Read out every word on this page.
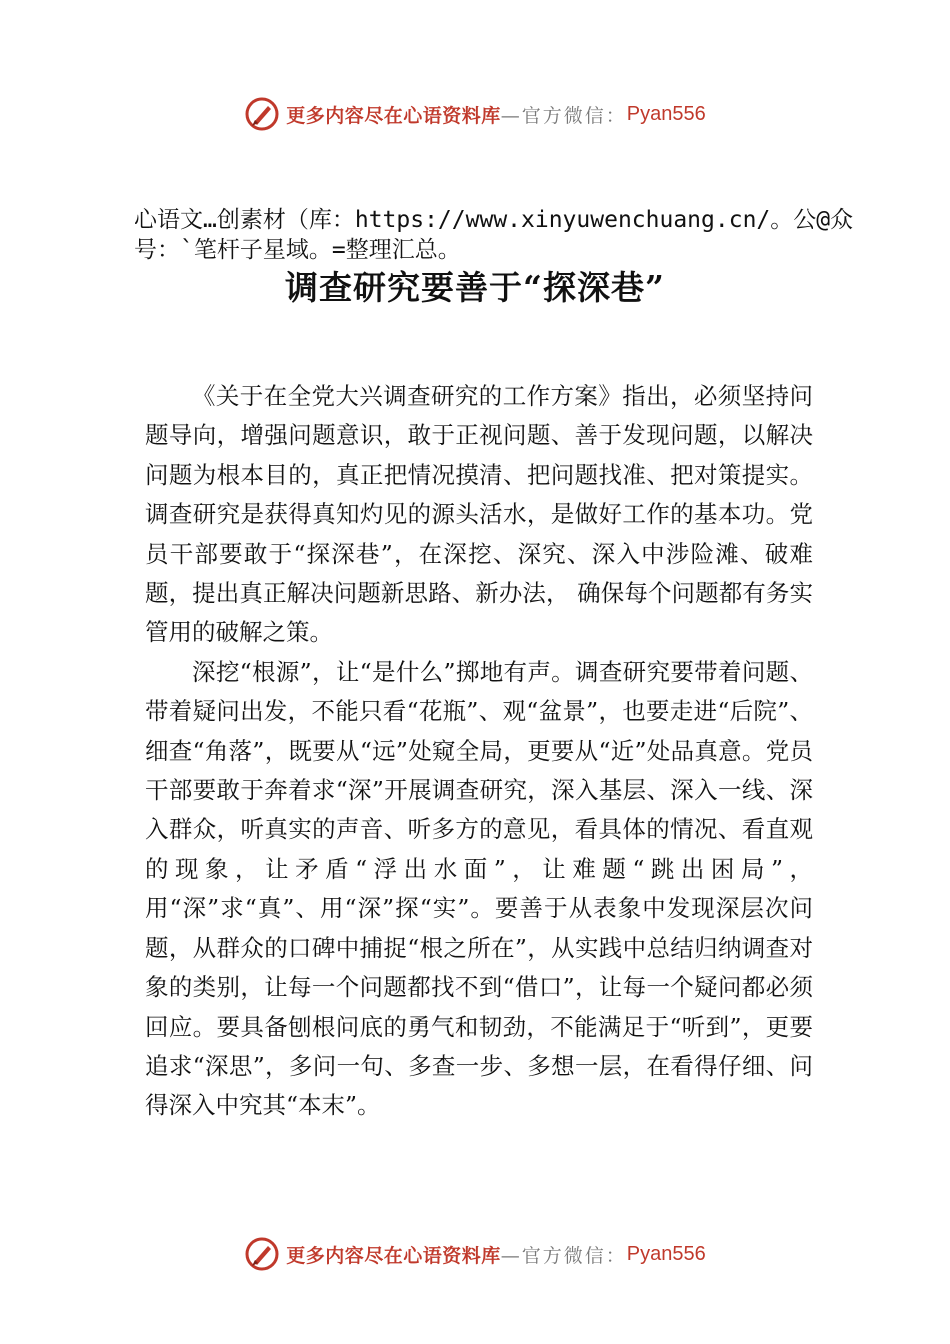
更多内容尽在心语资料库 —官方微信： Pyan556
心语文…创素材（库：https://www.xinyuwenchuang.cn/。公@众号：`笔杆子星域。=整理汇总。
调查研究要善于“探深巷”

《关于在全党大兴调查研究的工作方案》指出，必须坚持问题导向，增强问题意识，敢于正视问题、善于发现问题，以解决问题为根本目的，真正把情况摸清、把问题找准、把对策提实。调查研究是获得真知灼见的源头活水，是做好工作的基本功。党员干部要敢于“探深巷”，在深挖、深究、深入中涉险滩、破难题，提出真正解决问题新思路、新办法， 确保每个问题都有务实管用的破解之策。

深挖“根源”，让“是什么”掷地有声。调查研究要带着问题、带着疑问出发，不能只看“花瓶”、观“盆景”，也要走进“后院”、细查“角落”，既要从“远”处窥全局，更要从“近”处品真意。党员干部要敢于奔着求“深”开展调查研究，深入基层、深入一线、深入群众，听真实的声音、听多方的意见，看具体的情况、看直观的现象，让矛盾“浮出水面”，让难题“跳出困局”，用“深”求“真”、用“深”探“实”。要善于从表象中发现深层次问题，从群众的口碑中捕捉“根之所在”，从实践中总结归纳调查对象的类别，让每一个问题都找不到“借口”，让每一个疑问都必须回应。要具备刨根问底的勇气和韧劲，不能满足于“听到”，更要追求“深思”，多问一句、多查一步、多想一层，在看得仔细、问得深入中究其“本末”。

更多内容尽在心语资料库 —官方微信： Pyan556
